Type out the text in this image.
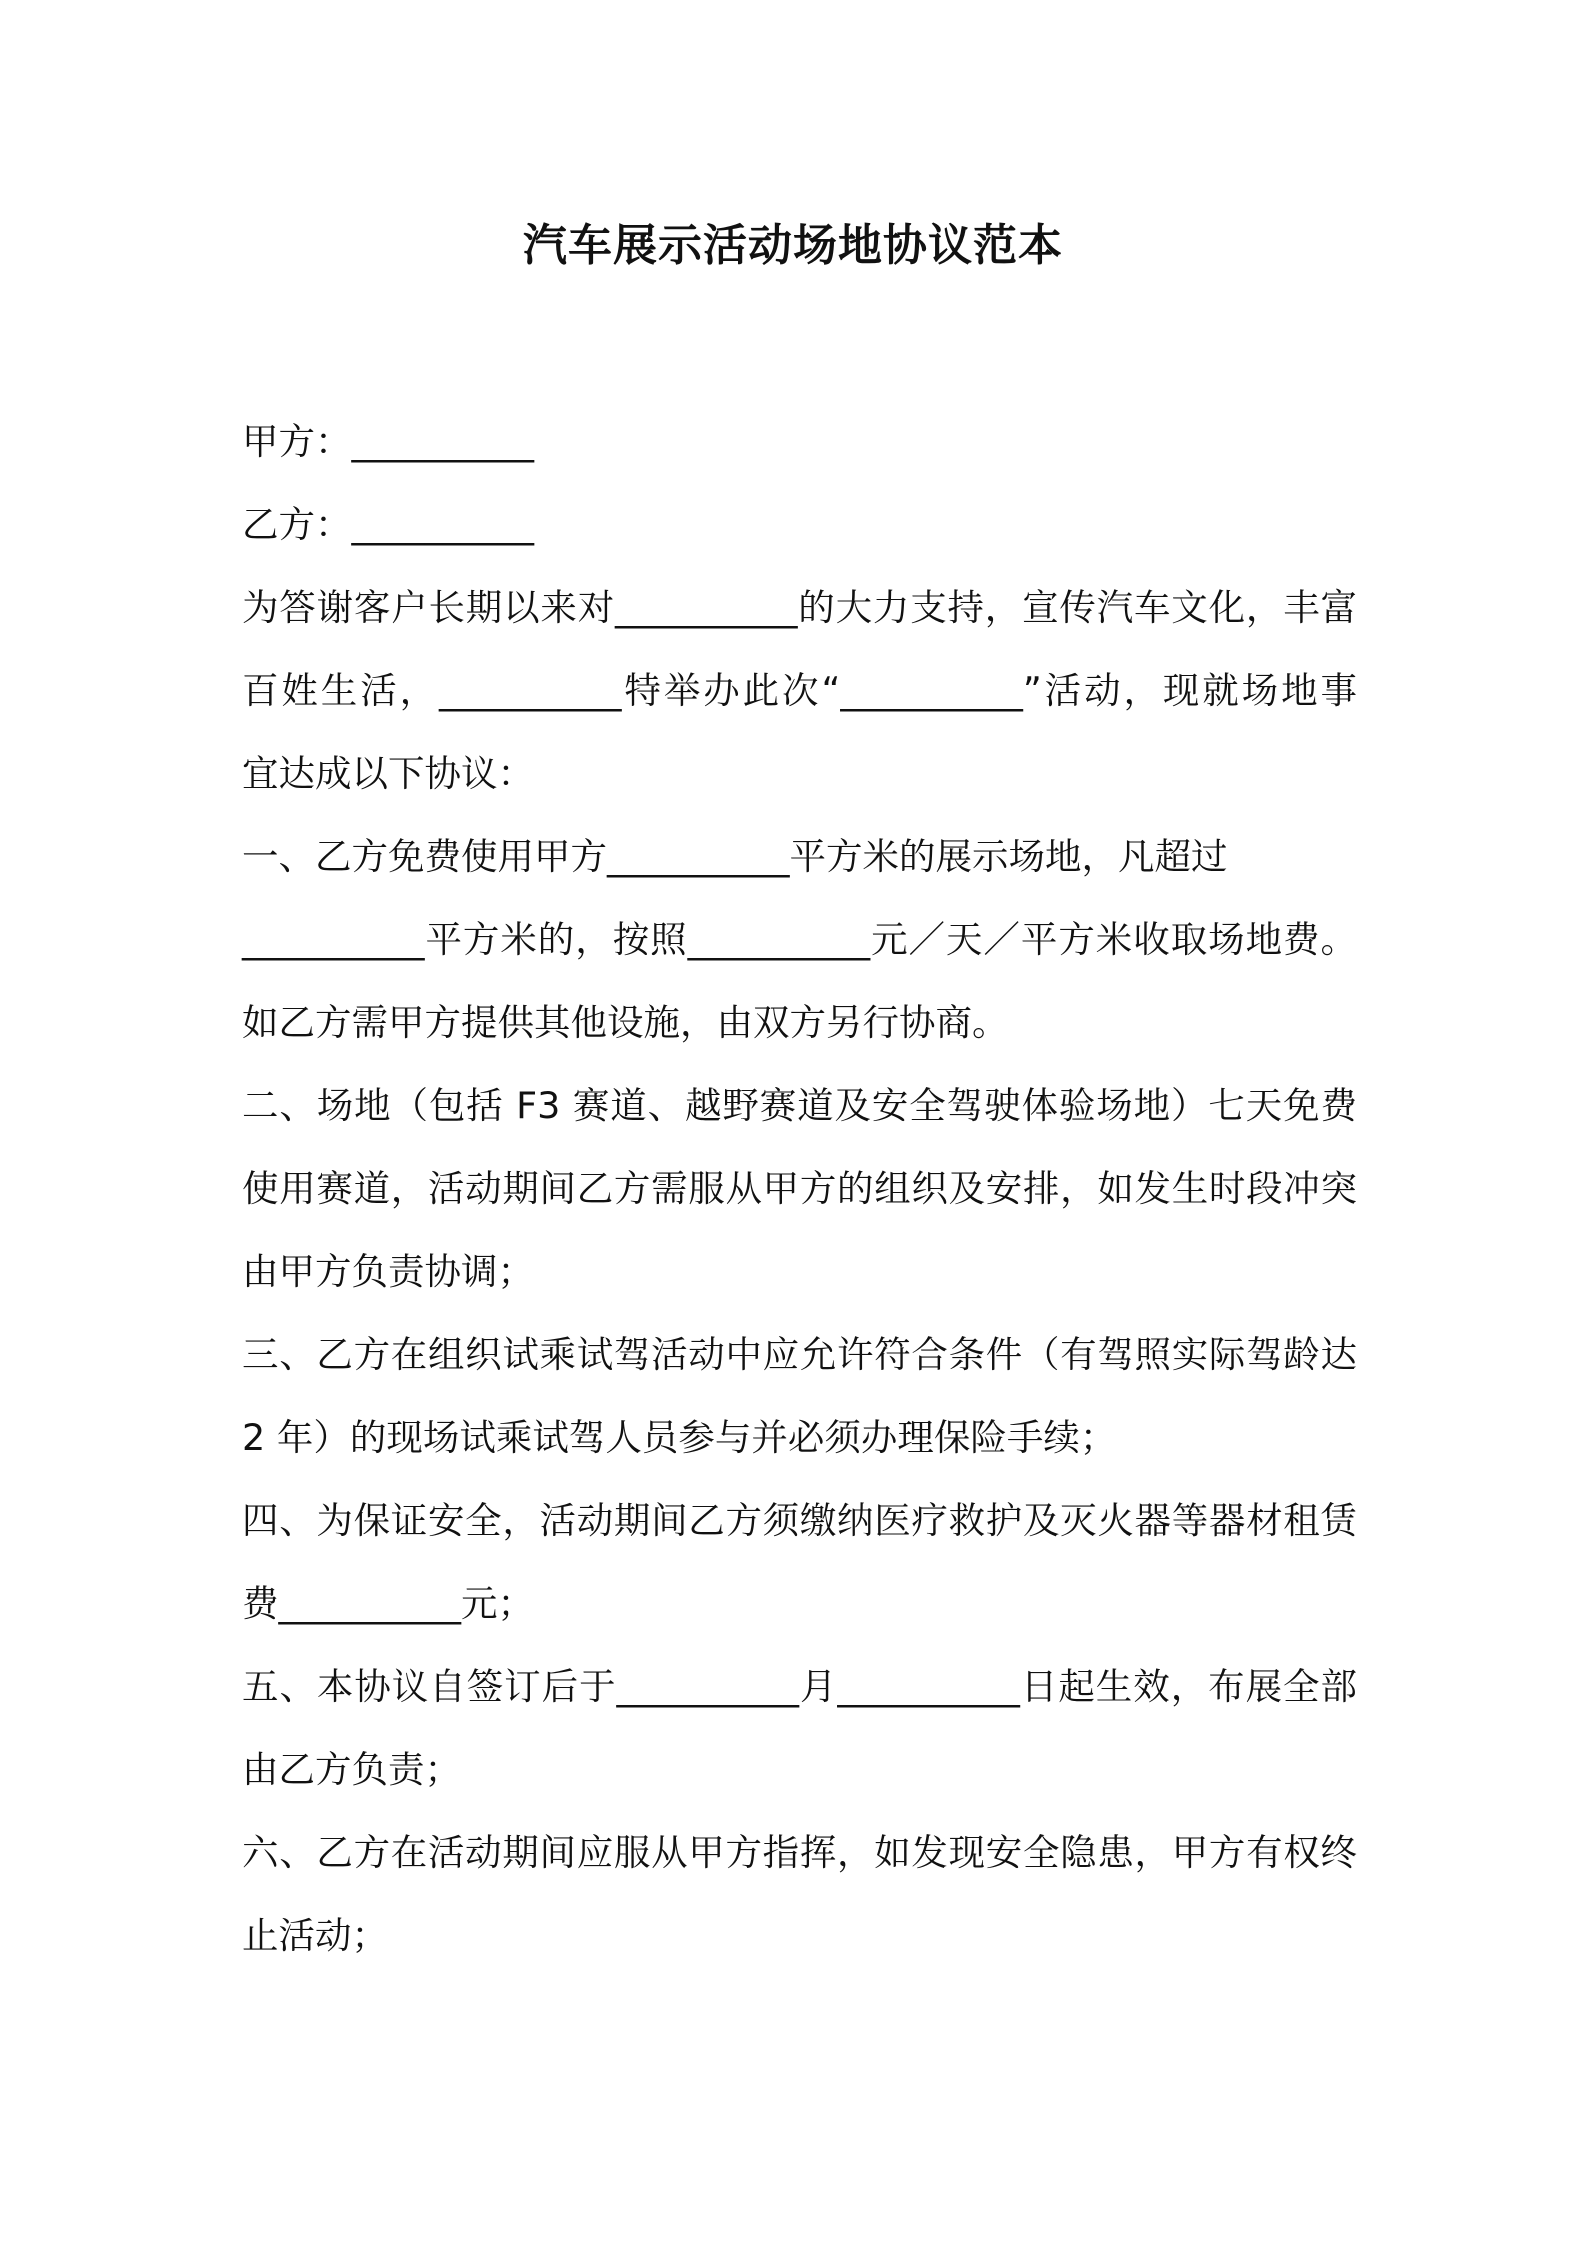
汽车展示活动场地协议范本
甲方：__________
乙方：__________
为答谢客户长期以来对__________的大力支持，宣传汽车文化，丰富
百姓生活，__________特举办此次“__________”活动，现就场地事
宜达成以下协议：
一、乙方免费使用甲方__________平方米的展示场地，凡超过
__________平方米的，按照__________元／天／平方米收取场地费。
如乙方需甲方提供其他设施，由双方另行协商。
二、场地（包括 F3 赛道、越野赛道及安全驾驶体验场地）七天免费
使用赛道，活动期间乙方需服从甲方的组织及安排，如发生时段冲突
由甲方负责协调；
三、乙方在组织试乘试驾活动中应允许符合条件（有驾照实际驾龄达
2 年）的现场试乘试驾人员参与并必须办理保险手续；
四、为保证安全，活动期间乙方须缴纳医疗救护及灭火器等器材租赁
费__________元；
五、本协议自签订后于__________月__________日起生效，布展全部
由乙方负责；
六、乙方在活动期间应服从甲方指挥，如发现安全隐患，甲方有权终
止活动；
